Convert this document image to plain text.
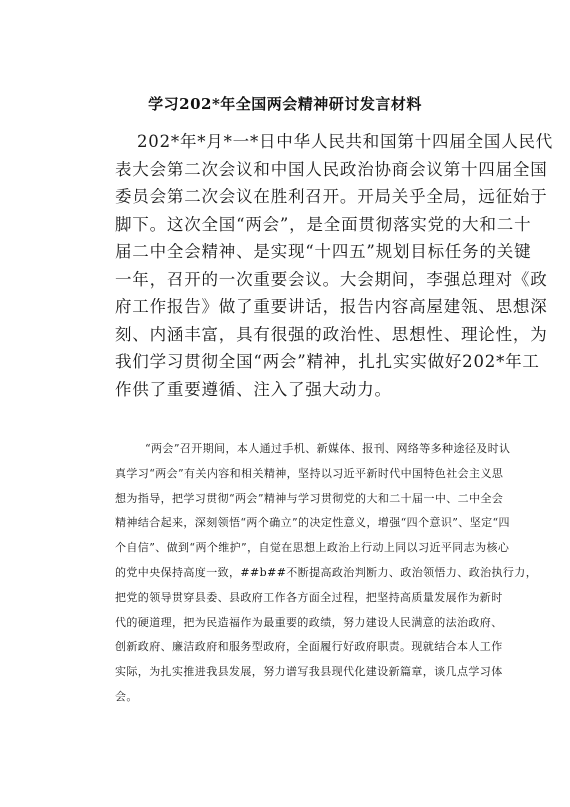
学习202*年全国两会精神研讨发言材料
202*年*月*一*日中华人民共和国第十四届全国人民代
表大会第二次会议和中国人民政治协商会议第十四届全国
委员会第二次会议在胜利召开。开局关乎全局，远征始于
脚下。这次全国“两会”，是全面贯彻落实党的大和二十
届二中全会精神、是实现“十四五”规划目标任务的关键
一年，召开的一次重要会议。大会期间，李强总理对《政
府工作报告》做了重要讲话，报告内容高屋建瓴、思想深
刻、内涵丰富，具有很强的政治性、思想性、理论性，为
我们学习贯彻全国“两会”精神，扎扎实实做好202*年工
作供了重要遵循、注入了强大动力。
“两会”召开期间，本人通过手机、新媒体、报刊、网络等多种途径及时认
真学习“两会”有关内容和相关精神，坚持以习近平新时代中国特色社会主义思
想为指导，把学习贯彻“两会”精神与学习贯彻党的大和二十届一中、二中全会
精神结合起来，深刻领悟“两个确立”的决定性意义，增强“四个意识”、坚定“四
个自信”、做到“两个维护”，自觉在思想上政治上行动上同以习近平同志为核心
的党中央保持高度一致，##b##不断提高政治判断力、政治领悟力、政治执行力，
把党的领导贯穿县委、县政府工作各方面全过程，把坚持高质量发展作为新时
代的硬道理，把为民造福作为最重要的政绩，努力建设人民满意的法治政府、
创新政府、廉洁政府和服务型政府，全面履行好政府职责。现就结合本人工作
实际，为扎实推进我县发展，努力谱写我县现代化建设新篇章，谈几点学习体
会。
